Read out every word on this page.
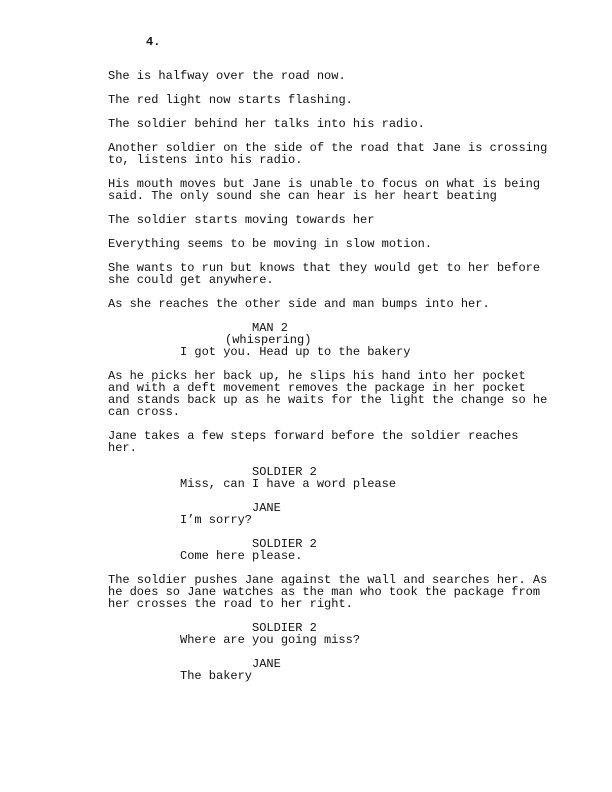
4.
She is halfway over the road now.
The red light now starts flashing.
The soldier behind her talks into his radio.
Another soldier on the side of the road that Jane is crossing
to, listens into his radio.
His mouth moves but Jane is unable to focus on what is being
said. The only sound she can hear is her heart beating
The soldier starts moving towards her
Everything seems to be moving in slow motion.
She wants to run but knows that they would get to her before
she could get anywhere.
As she reaches the other side and man bumps into her.
MAN 2
(whispering)
I got you. Head up to the bakery
As he picks her back up, he slips his hand into her pocket
and with a deft movement removes the package in her pocket
and stands back up as he waits for the light the change so he
can cross.
Jane takes a few steps forward before the soldier reaches
her.
SOLDIER 2
Miss, can I have a word please
JANE
I’m sorry?
SOLDIER 2
Come here please.
The soldier pushes Jane against the wall and searches her. As
he does so Jane watches as the man who took the package from
her crosses the road to her right.
SOLDIER 2
Where are you going miss?
JANE
The bakery
